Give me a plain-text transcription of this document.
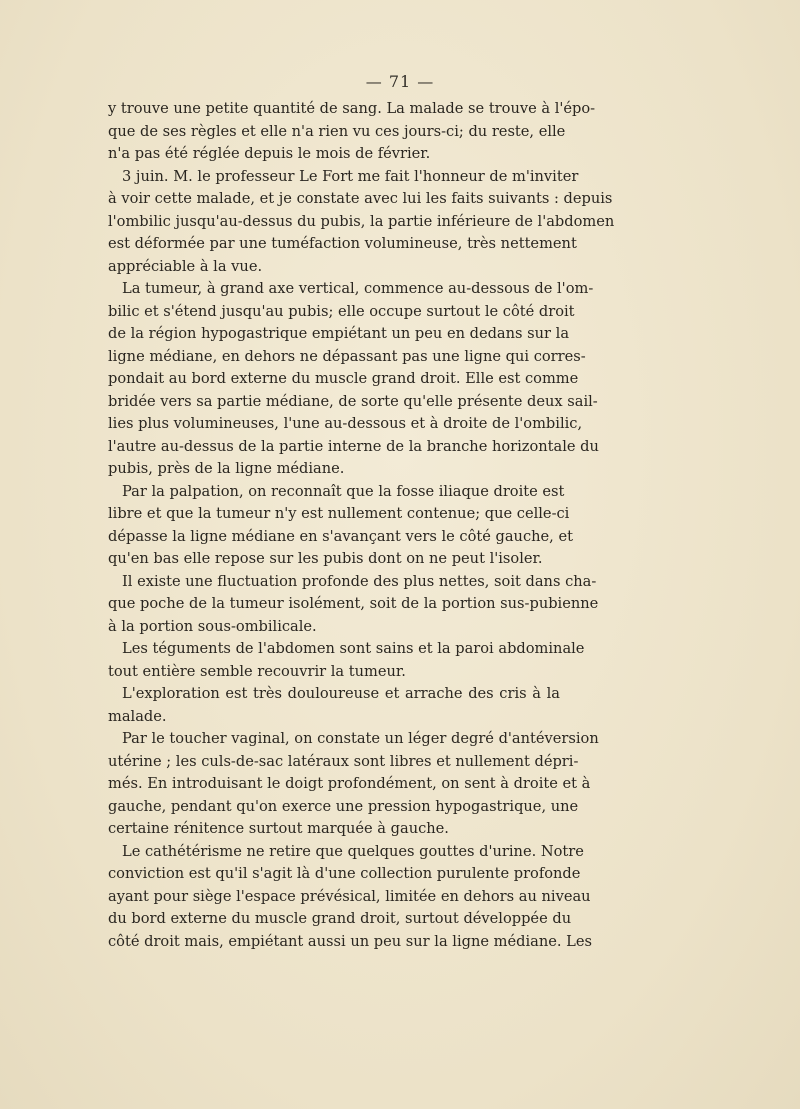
— 71 —
y trouve une petite quantité de sang. La malade se trouve à l'épo-
que de ses règles et elle n'a rien vu ces jours-ci; du reste, elle
n'a pas été réglée depuis le mois de février.
3 juin. M. le professeur Le Fort me fait l'honneur de m'inviter
à voir cette malade, et je constate avec lui les faits suivants : depuis
l'ombilic jusqu'au-dessus du pubis, la partie inférieure de l'abdomen
est déformée par une tuméfaction volumineuse, très nettement
appréciable à la vue.
La tumeur, à grand axe vertical, commence au-dessous de l'om-
bilic et s'étend jusqu'au pubis; elle occupe surtout le côté droit
de la région hypogastrique empiétant un peu en dedans sur la
ligne médiane, en dehors ne dépassant pas une ligne qui corres-
pondait au bord externe du muscle grand droit. Elle est comme
bridée vers sa partie médiane, de sorte qu'elle présente deux sail-
lies plus volumineuses, l'une au-dessous et à droite de l'ombilic,
l'autre au-dessus de la partie interne de la branche horizontale du
pubis, près de la ligne médiane.
Par la palpation, on reconnaît que la fosse iliaque droite est
libre et que la tumeur n'y est nullement contenue; que celle-ci
dépasse la ligne médiane en s'avançant vers le côté gauche, et
qu'en bas elle repose sur les pubis dont on ne peut l'isoler.
Il existe une fluctuation profonde des plus nettes, soit dans cha-
que poche de la tumeur isolément, soit de la portion sus-pubienne
à la portion sous-ombilicale.
Les téguments de l'abdomen sont sains et la paroi abdominale
tout entière semble recouvrir la tumeur.
L'exploration est très douloureuse et arrache des cris à la
malade.
Par le toucher vaginal, on constate un léger degré d'antéversion
utérine ; les culs-de-sac latéraux sont libres et nullement dépri-
més. En introduisant le doigt profondément, on sent à droite et à
gauche, pendant qu'on exerce une pression hypogastrique, une
certaine rénitence surtout marquée à gauche.
Le cathétérisme ne retire que quelques gouttes d'urine. Notre
conviction est qu'il s'agit là d'une collection purulente profonde
ayant pour siège l'espace prévésical, limitée en dehors au niveau
du bord externe du muscle grand droit, surtout développée du
côté droit mais, empiétant aussi un peu sur la ligne médiane. Les
